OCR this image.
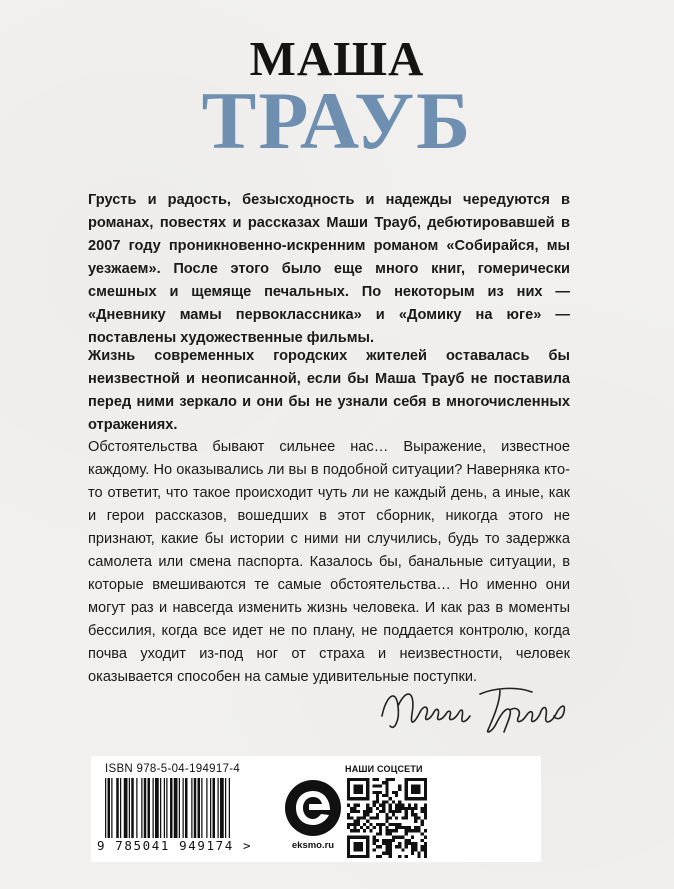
МАША
ТРАУБ

Грусть и радость, безысходность и надежды чередуются в романах, повестях и рассказах Маши Трауб, дебютировавшей в 2007 году проникновенно-искренним романом «Собирайся, мы уезжаем». После этого было еще много книг, гомерически смешных и щемяще печальных. По некоторым из них — «Дневнику мамы первоклассника» и «Домику на юге» — поставлены художественные фильмы.

Жизнь современных городских жителей оставалась бы неизвестной и неописанной, если бы Маша Трауб не поставила перед ними зеркало и они бы не узнали себя в многочисленных отражениях.

Обстоятельства бывают сильнее нас… Выражение, известное каждому. Но оказывались ли вы в подобной ситуации? Наверняка кто-то ответит, что такое происходит чуть ли не каждый день, а иные, как и герои рассказов, вошедших в этот сборник, никогда этого не признают, какие бы истории с ними ни случились, будь то задержка самолета или смена паспорта. Казалось бы, банальные ситуации, в которые вмешиваются те самые обстоятельства… Но именно они могут раз и навсегда изменить жизнь человека. И как раз в моменты бессилия, когда все идет не по плану, не поддается контролю, когда почва уходит из-под ног от страха и неизвестности, человек оказывается способен на самые удивительные поступки.

ISBN 978-5-04-194917-4
9 785041 949174 >	eksmo.ru
НАШИ СОЦСЕТИ
